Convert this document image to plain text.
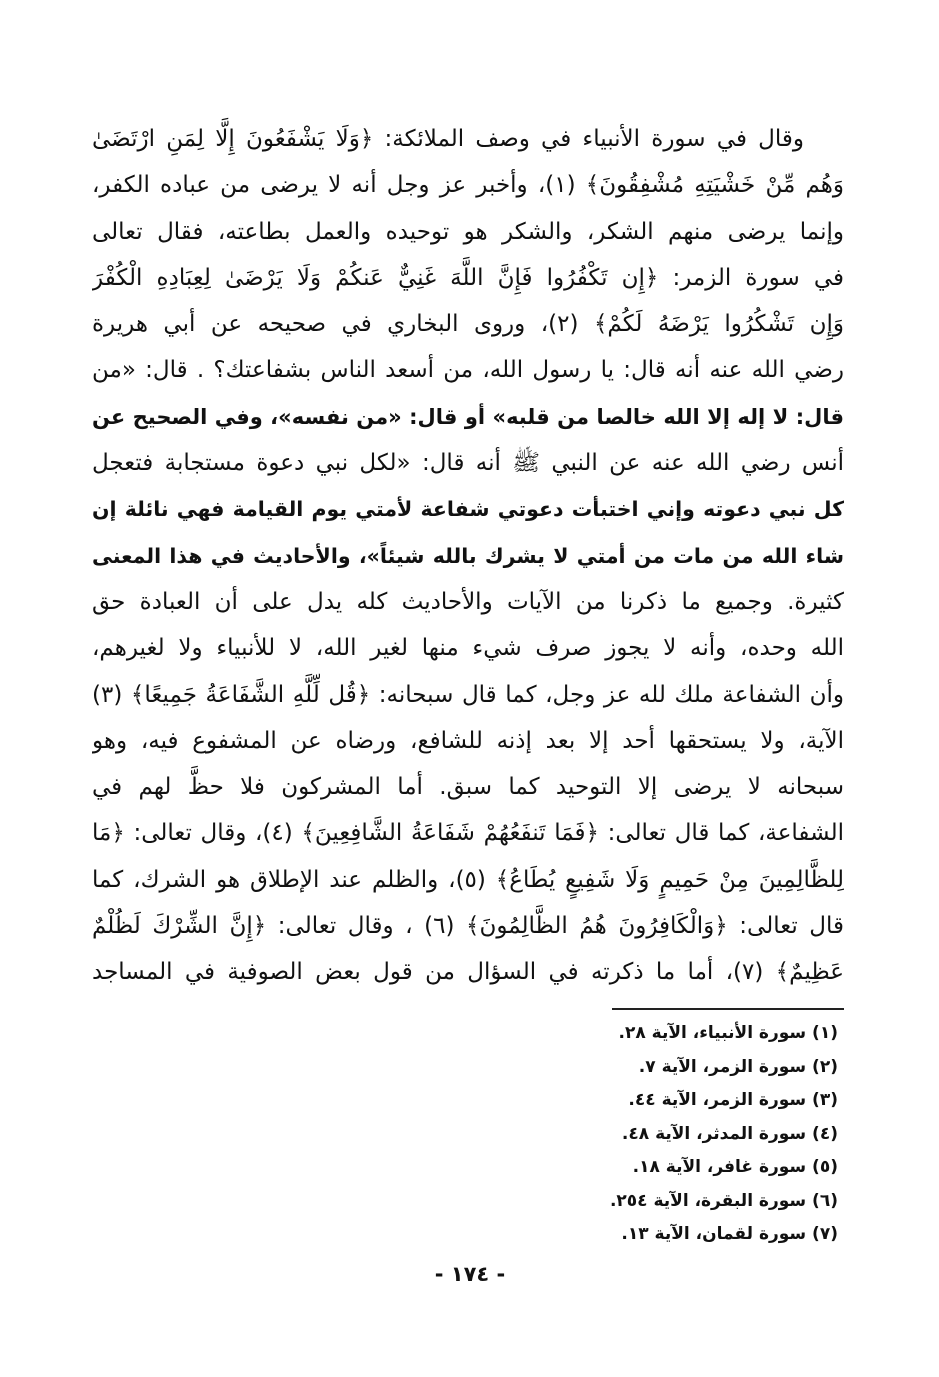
وقال في سورة الأنبياء في وصف الملائكة: ﴿وَلَا يَشْفَعُونَ إِلَّا لِمَنِ ارْتَضَىٰ
وَهُم مِّنْ خَشْيَتِهِ مُشْفِقُونَ﴾ (١)، وأخبر عز وجل أنه لا يرضى من عباده الكفر،
وإنما يرضى منهم الشكر، والشكر هو توحيده والعمل بطاعته، فقال تعالى
في سورة الزمر: ﴿إِن تَكْفُرُوا فَإِنَّ اللَّهَ غَنِيٌّ عَنكُمْ وَلَا يَرْضَىٰ لِعِبَادِهِ الْكُفْرَ
وَإِن تَشْكُرُوا يَرْضَهُ لَكُمْ﴾ (٢)، وروى البخاري في صحيحه عن أبي هريرة
رضي الله عنه أنه قال: يا رسول الله، من أسعد الناس بشفاعتك؟ . قال: «من
قال: لا إله إلا الله خالصا من قلبه» أو قال: «من نفسه»، وفي الصحيح عن
أنس رضي الله عنه عن النبي ﷺ أنه قال: «لكل نبي دعوة مستجابة فتعجل
كل نبي دعوته وإني اختبأت دعوتي شفاعة لأمتي يوم القيامة فهي نائلة إن
شاء الله من مات من أمتي لا يشرك بالله شيئاً»، والأحاديث في هذا المعنى
كثيرة. وجميع ما ذكرنا من الآيات والأحاديث كله يدل على أن العبادة حق
الله وحده، وأنه لا يجوز صرف شيء منها لغير الله، لا للأنبياء ولا لغيرهم،
وأن الشفاعة ملك لله عز وجل، كما قال سبحانه: ﴿قُل لِّلَّهِ الشَّفَاعَةُ جَمِيعًا﴾ (٣)
الآية، ولا يستحقها أحد إلا بعد إذنه للشافع، ورضاه عن المشفوع فيه، وهو
سبحانه لا يرضى إلا التوحيد كما سبق. أما المشركون فلا حظَّ لهم في
الشفاعة، كما قال تعالى: ﴿فَمَا تَنفَعُهُمْ شَفَاعَةُ الشَّافِعِينَ﴾ (٤)، وقال تعالى: ﴿مَا
لِلظَّالِمِينَ مِنْ حَمِيمٍ وَلَا شَفِيعٍ يُطَاعُ﴾ (٥)، والظلم عند الإطلاق هو الشرك، كما
قال تعالى: ﴿وَالْكَافِرُونَ هُمُ الظَّالِمُونَ﴾ (٦) ، وقال تعالى: ﴿إِنَّ الشِّرْكَ لَظُلْمٌ
عَظِيمٌ﴾ (٧)، أما ما ذكرته في السؤال من قول بعض الصوفية في المساجد
(١) سورة الأنبياء، الآية ٢٨.
(٢) سورة الزمر، الآية ٧.
(٣) سورة الزمر، الآية ٤٤.
(٤) سورة المدثر، الآية ٤٨.
(٥) سورة غافر، الآية ١٨.
(٦) سورة البقرة، الآية ٢٥٤.
(٧) سورة لقمان، الآية ١٣.
- ١٧٤ -
